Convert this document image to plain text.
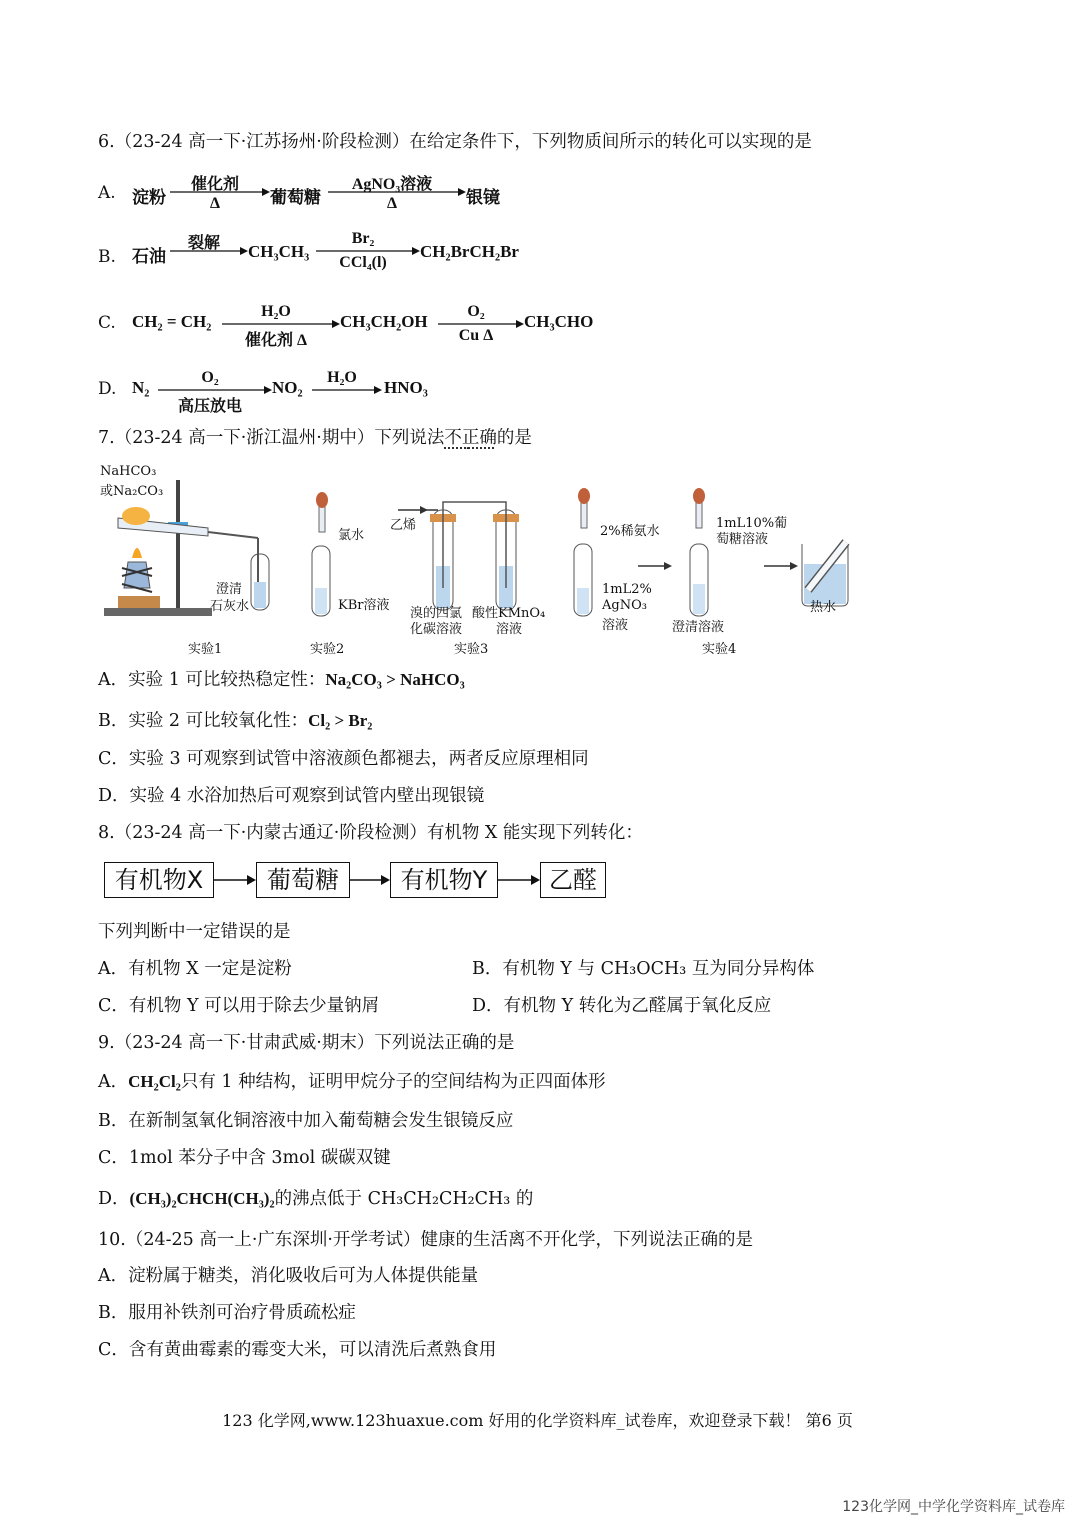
6.（23-24 高一下·江苏扬州·阶段检测）在给定条件下，下列物质间所示的转化可以实现的是
A. 淀粉
催化剂
Δ	葡萄糖
AgNO₃溶液
Δ	银镜
B. 石油
裂解	CH₃CH₃
Br₂
CCl₄(l)
CH₂BrCH₂Br
C. CH₂ = CH₂
H₂O
催化剂 Δ
CH₃CH₂OH
O₂
Cu Δ
CH₃CHO
D. N₂
O₂
高压放电
NO₂
H₂O
HNO₃
7.（23-24 高一下·浙江温州·期中）下列说法不正确的是
NaHCO₃
或Na₂CO₃
澄清
石灰水
实验1
氯水
KBr溶液
实验2
乙烯
溴的四氯
化碳溶液
酸性KMnO₄
溶液
实验3
2%稀氨水
1mL2%
AgNO₃
溶液
1mL10%葡
萄糖溶液
澄清溶液
热水
实验4
A．实验 1 可比较热稳定性：Na₂CO₃ > NaHCO₃
B．实验 2 可比较氧化性：Cl₂ > Br₂
C．实验 3 可观察到试管中溶液颜色都褪去，两者反应原理相同
D．实验 4 水浴加热后可观察到试管内壁出现银镜
8.（23-24 高一下·内蒙古通辽·阶段检测）有机物 X 能实现下列转化：
有机物X	葡萄糖	有机物Y	乙醛
下列判断中一定错误的是
A．有机物 X 一定是淀粉	B．有机物 Y 与 CH₃OCH₃ 互为同分异构体
C．有机物 Y 可以用于除去少量钠屑	D．有机物 Y 转化为乙醛属于氧化反应
9.（23-24 高一下·甘肃武威·期末）下列说法正确的是
A．CH₂Cl₂只有 1 种结构，证明甲烷分子的空间结构为正四面体形
B．在新制氢氧化铜溶液中加入葡萄糖会发生银镜反应
C．1mol 苯分子中含 3mol 碳碳双键
D．(CH₃)₂CHCH(CH₃)₂的沸点低于 CH₃CH₂CH₂CH₃ 的
10.（24-25 高一上·广东深圳·开学考试）健康的生活离不开化学，下列说法正确的是
A．淀粉属于糖类，消化吸收后可为人体提供能量
B．服用补铁剂可治疗骨质疏松症
C．含有黄曲霉素的霉变大米，可以清洗后煮熟食用
123 化学网,www.123huaxue.com 好用的化学资料库_试卷库，欢迎登录下载！ 第6 页
123化学网_中学化学资料库_试卷库
